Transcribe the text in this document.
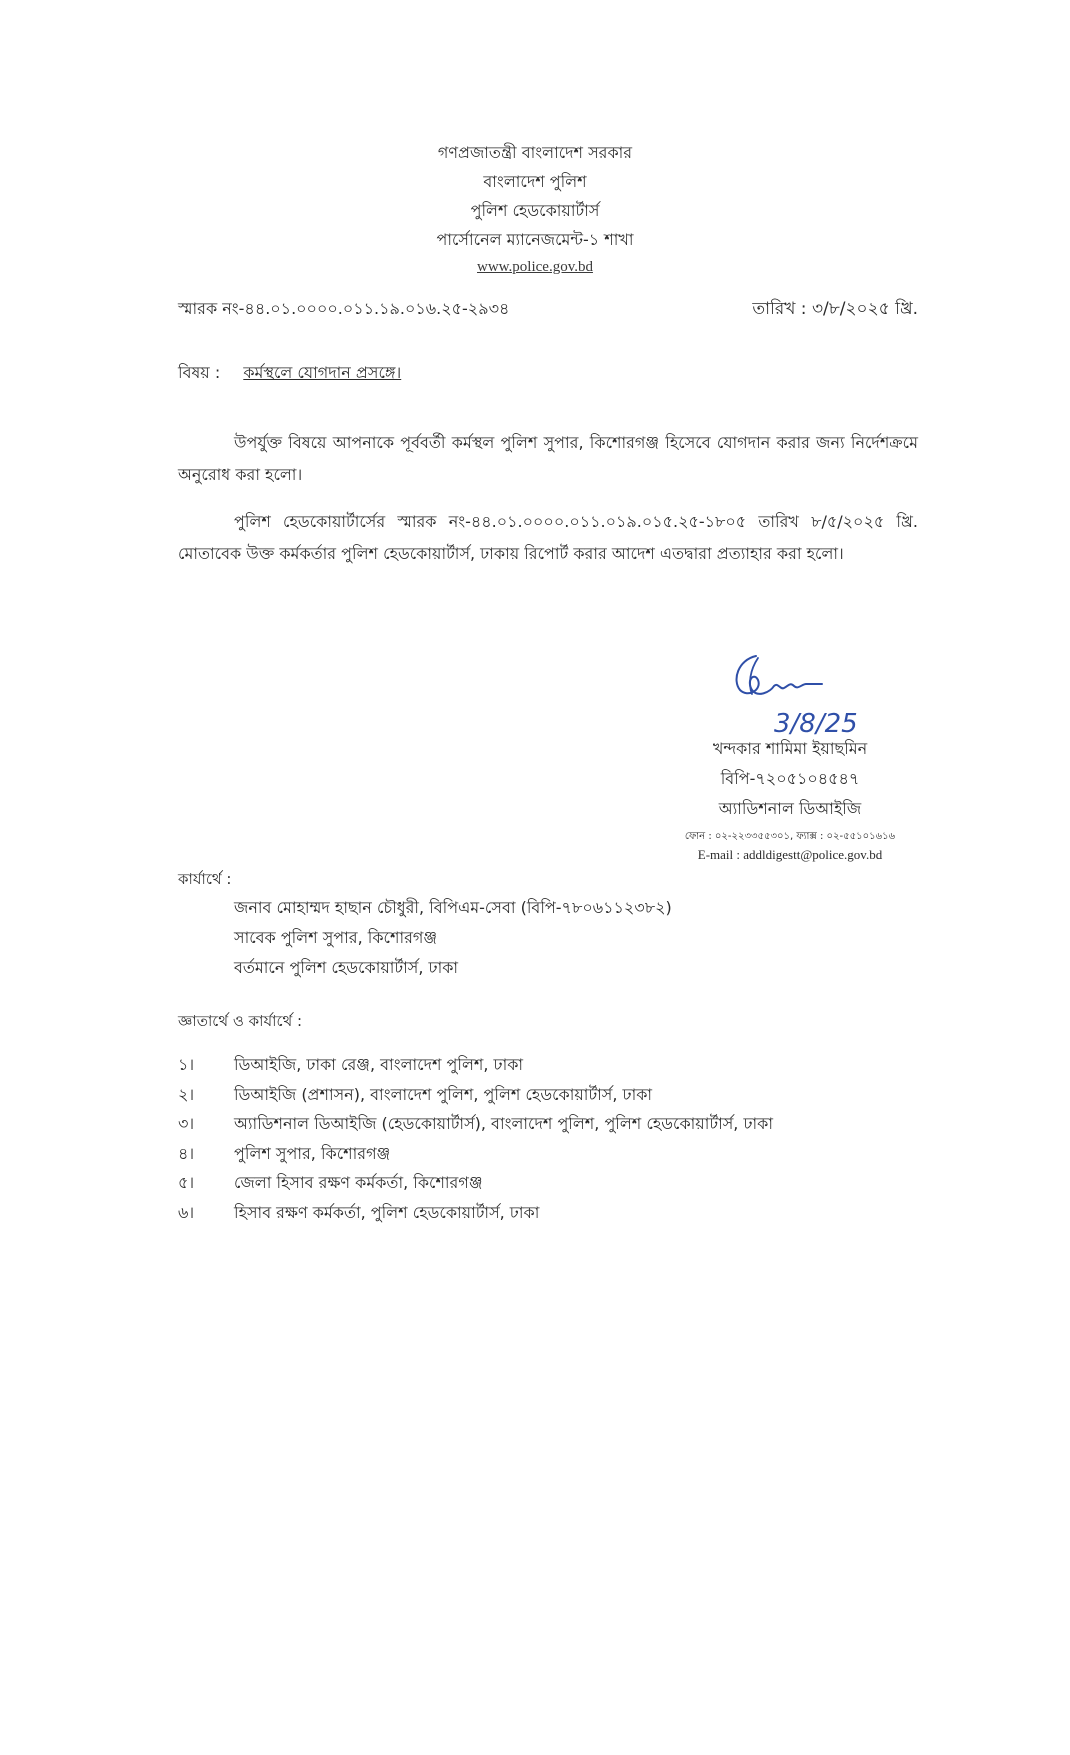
গণপ্রজাতন্ত্রী বাংলাদেশ সরকার
বাংলাদেশ পুলিশ
পুলিশ হেডকোয়ার্টার্স
পার্সোনেল ম্যানেজমেন্ট-১ শাখা
www.police.gov.bd
স্মারক নং-৪৪.০১.০০০০.০১১.১৯.০১৬.২৫-২৯৩৪	তারিখ : ৩/৮/২০২৫ খ্রি.
বিষয় : কর্মস্থলে যোগদান প্রসঙ্গে।
উপর্যুক্ত বিষয়ে আপনাকে পূর্ববর্তী কর্মস্থল পুলিশ সুপার, কিশোরগঞ্জ হিসেবে যোগদান করার জন্য নির্দেশক্রমে অনুরোধ করা হলো।
পুলিশ হেডকোয়ার্টার্সের স্মারক নং-৪৪.০১.০০০০.০১১.০১৯.০১৫.২৫-১৮০৫ তারিখ ৮/৫/২০২৫ খ্রি. মোতাবেক উক্ত কর্মকর্তার পুলিশ হেডকোয়ার্টার্স, ঢাকায় রিপোর্ট করার আদেশ এতদ্বারা প্রত্যাহার করা হলো।
3/8/25
খন্দকার শামিমা ইয়াছমিন
বিপি-৭২০৫১০৪৫৪৭
অ্যাডিশনাল ডিআইজি
ফোন : ০২-২২৩৩৫৫৩০১, ফ্যাক্স : ০২-৫৫১০১৬১৬
E-mail : addldigestt@police.gov.bd
কার্যার্থে :
জনাব মোহাম্মদ হাছান চৌধুরী, বিপিএম-সেবা (বিপি-৭৮০৬১১২৩৮২)
সাবেক পুলিশ সুপার, কিশোরগঞ্জ
বর্তমানে পুলিশ হেডকোয়ার্টার্স, ঢাকা
জ্ঞাতার্থে ও কার্যার্থে :
১। ডিআইজি, ঢাকা রেঞ্জ, বাংলাদেশ পুলিশ, ঢাকা
২। ডিআইজি (প্রশাসন), বাংলাদেশ পুলিশ, পুলিশ হেডকোয়ার্টার্স, ঢাকা
৩। অ্যাডিশনাল ডিআইজি (হেডকোয়ার্টার্স), বাংলাদেশ পুলিশ, পুলিশ হেডকোয়ার্টার্স, ঢাকা
৪। পুলিশ সুপার, কিশোরগঞ্জ
৫। জেলা হিসাব রক্ষণ কর্মকর্তা, কিশোরগঞ্জ
৬। হিসাব রক্ষণ কর্মকর্তা, পুলিশ হেডকোয়ার্টার্স, ঢাকা
